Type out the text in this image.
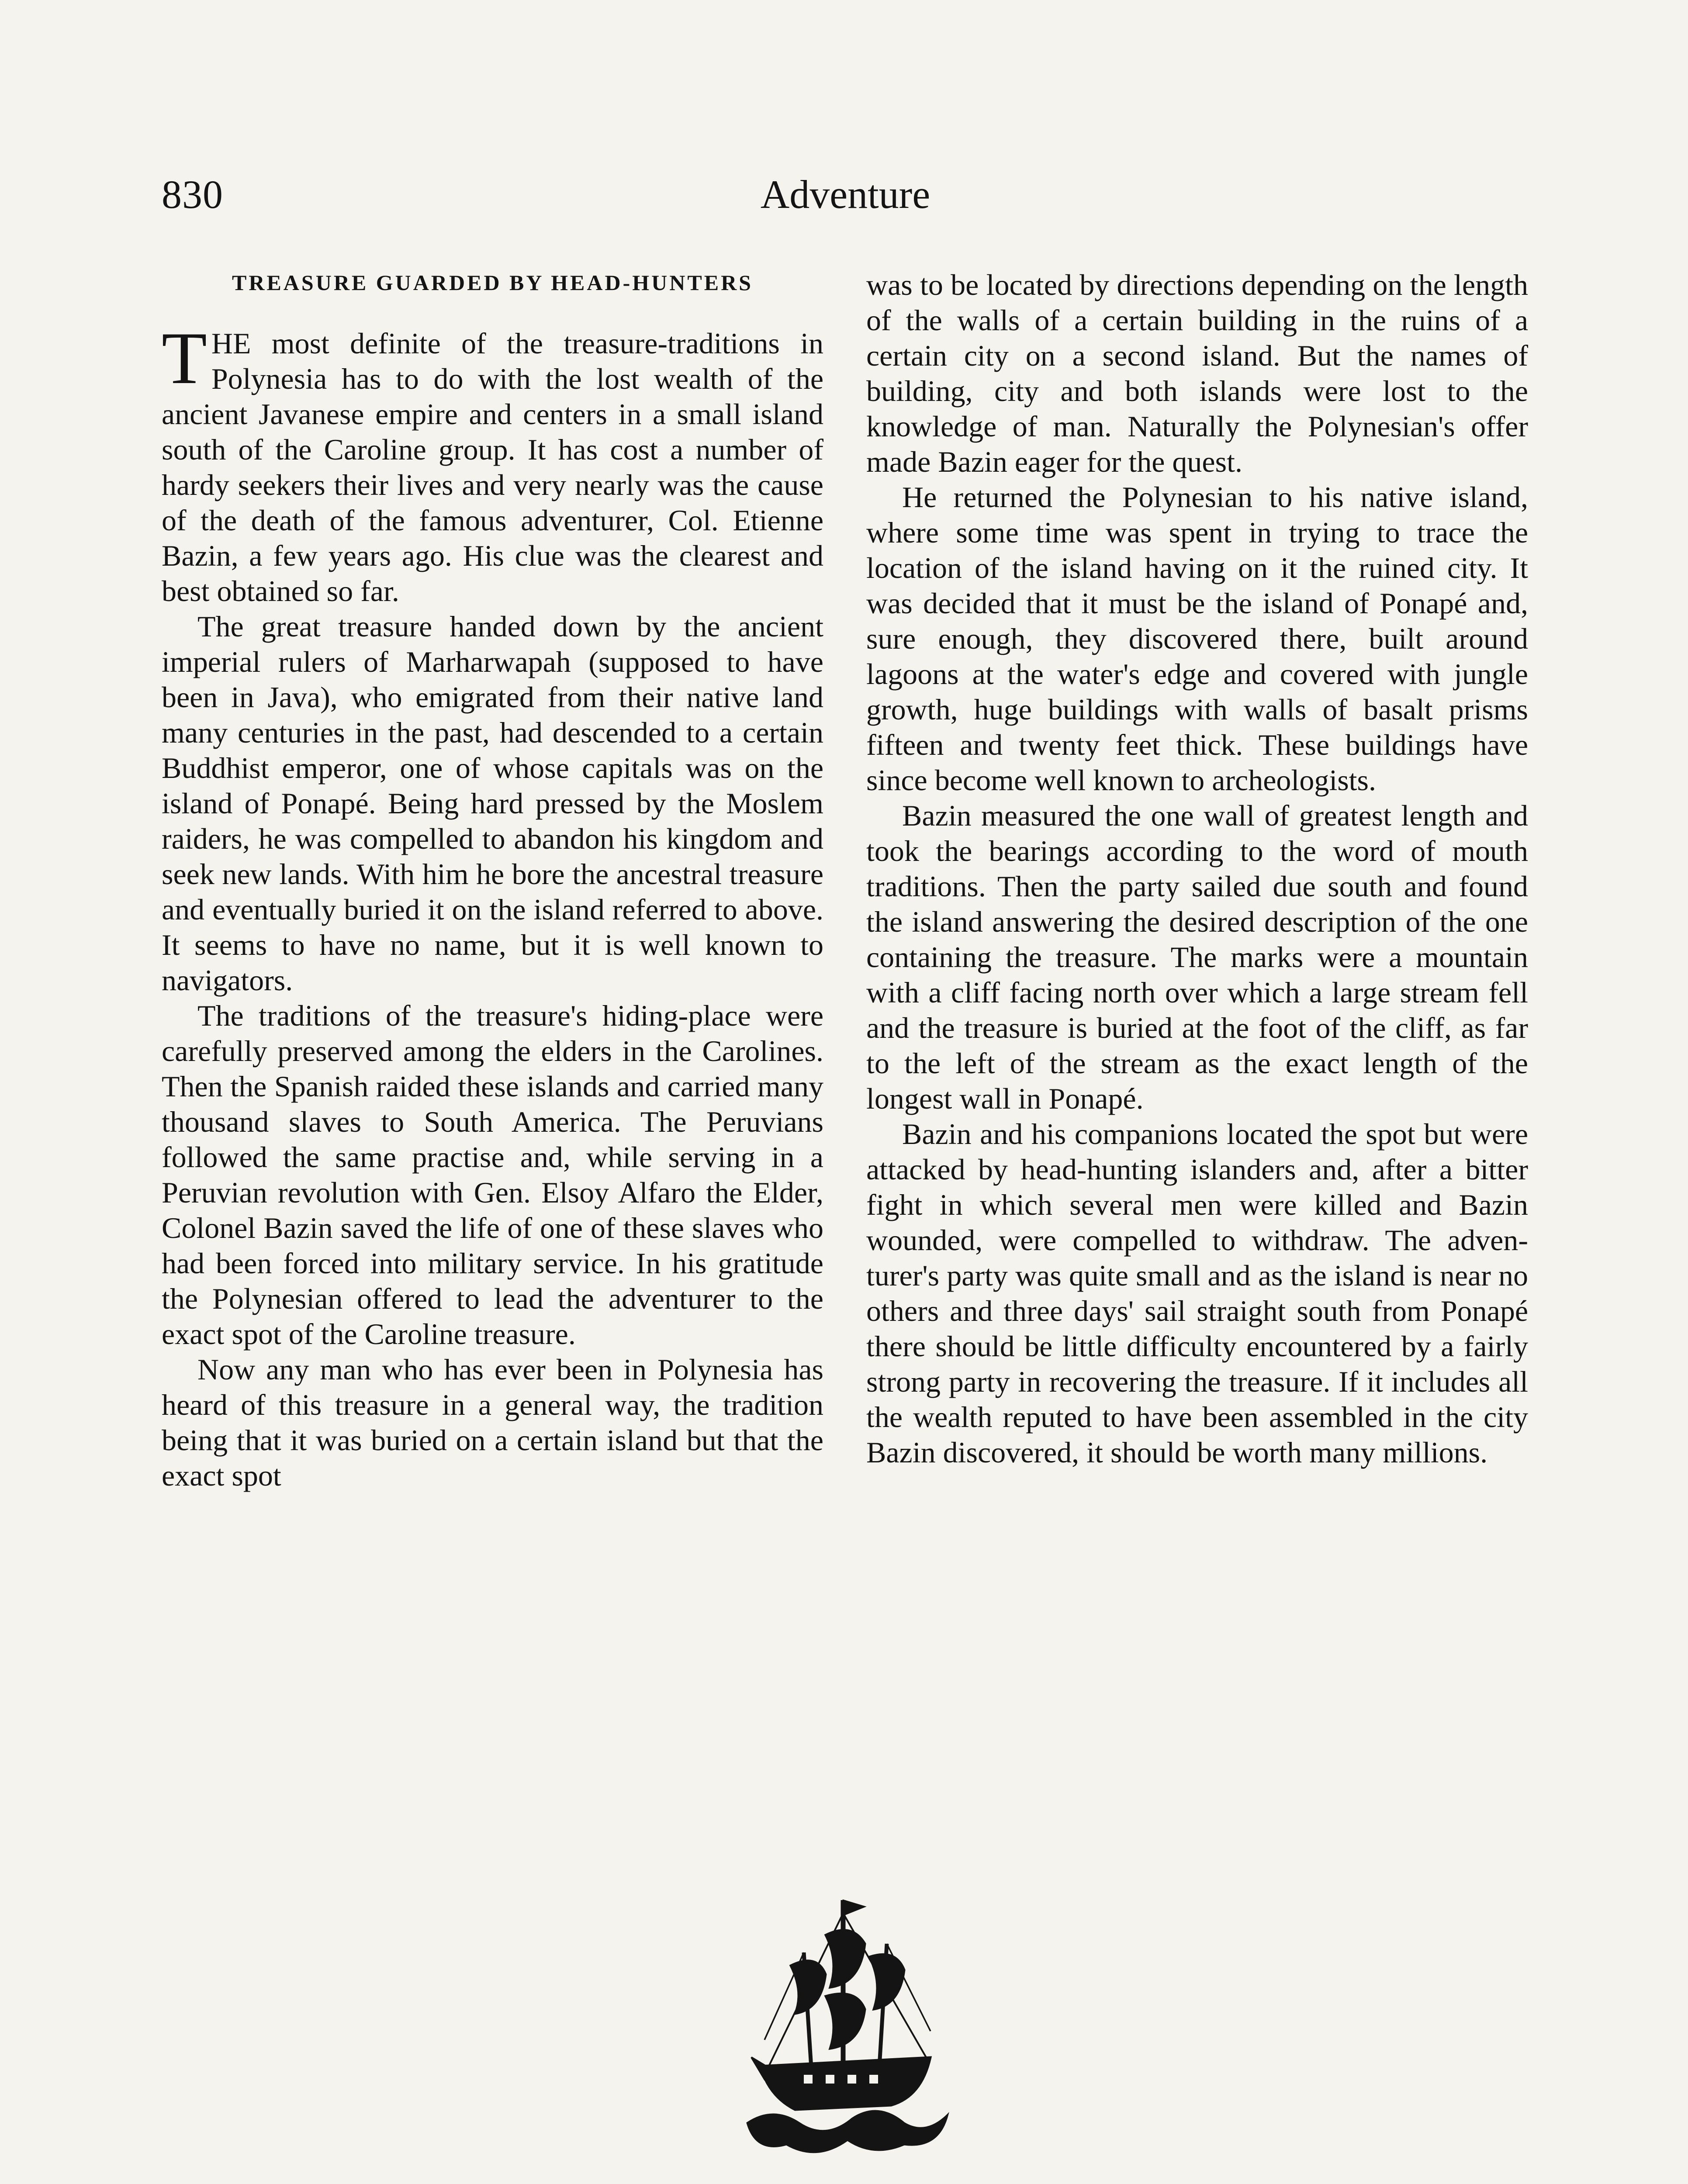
830	Adventure
TREASURE GUARDED BY HEAD-HUNTERS

THE most definite of the treasure-traditions in Polynesia has to do with the lost wealth of the ancient Javanese empire and centers in a small island south of the Caroline group. It has cost a number of hardy seekers their lives and very nearly was the cause of the death of the famous adventurer, Col. Etienne Bazin, a few years ago. His clue was the clearest and best obtained so far.

The great treasure handed down by the ancient imperial rulers of Marharwapah (supposed to have been in Java), who emigrated from their native land many centuries in the past, had descended to a certain Buddhist emperor, one of whose capitals was on the island of Ponapé. Being hard pressed by the Moslem raiders, he was compelled to abandon his kingdom and seek new lands. With him he bore the ancestral treasure and eventually buried it on the island referred to above. It seems to have no name, but it is well known to navigators.

The traditions of the treasure's hiding-place were carefully preserved among the elders in the Carolines. Then the Spanish raided these islands and carried many thousand slaves to South America. The Peruvians followed the same practise and, while serving in a Peruvian revolution with Gen. Elsoy Alfaro the Elder, Colonel Bazin saved the life of one of these slaves who had been forced into military service. In his gratitude the Polynesian offered to lead the adventurer to the exact spot of the Caroline treasure.

Now any man who has ever been in Polynesia has heard of this treasure in a general way, the tradition being that it was buried on a certain island but that the exact spot

was to be located by directions depending on the length of the walls of a certain building in the ruins of a certain city on a second island. But the names of building, city and both islands were lost to the knowledge of man. Naturally the Polynesian's offer made Bazin eager for the quest.

He returned the Polynesian to his native island, where some time was spent in trying to trace the location of the island having on it the ruined city. It was decided that it must be the island of Ponapé and, sure enough, they discovered there, built around lagoons at the water's edge and covered with jungle growth, huge buildings with walls of basalt prisms fifteen and twenty feet thick. These buildings have since become well known to archeologists.

Bazin measured the one wall of greatest length and took the bearings according to the word of mouth traditions. Then the party sailed due south and found the island answering the desired description of the one containing the treasure. The marks were a mountain with a cliff facing north over which a large stream fell and the treasure is buried at the foot of the cliff, as far to the left of the stream as the exact length of the longest wall in Ponapé.

Bazin and his companions located the spot but were attacked by head-hunting islanders and, after a bitter fight in which several men were killed and Bazin wounded, were compelled to withdraw. The adventurer's party was quite small and as the island is near no others and three days' sail straight south from Ponapé there should be little difficulty encountered by a fairly strong party in recovering the treasure. If it includes all the wealth reputed to have been assembled in the city Bazin discovered, it should be worth many millions.
